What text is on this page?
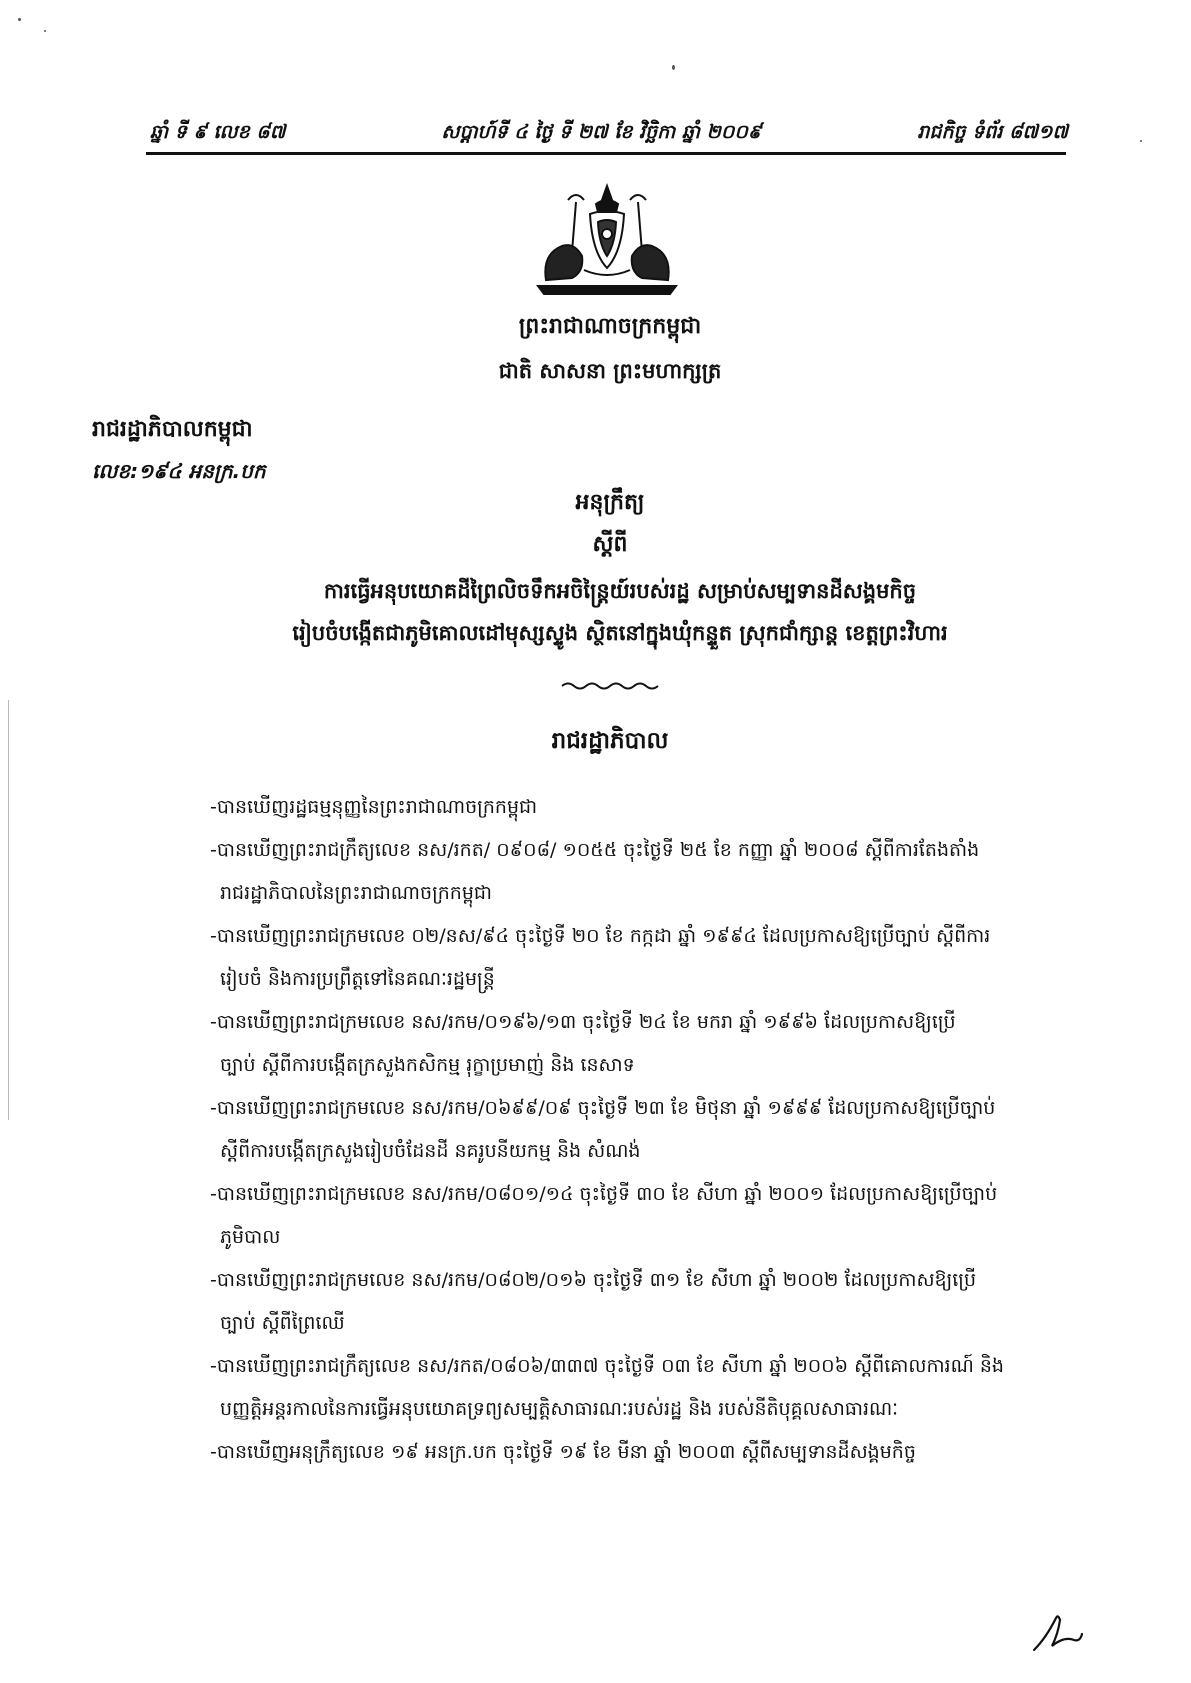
ឆ្នាំ ទី ៩ លេខ ៨៧	សប្តាហ៍ទី ៤ ថ្ងៃ ទី ២៧ ខែ វិច្ឆិកា ឆ្នាំ ២០០៩	រាជកិច្ច ទំព័រ ៨៧១៧
ព្រះរាជាណាចក្រកម្ពុជា
ជាតិ សាសនា ព្រះមហាក្សត្រ
រាជរដ្ឋាភិបាលកម្ពុជា
លេខ:១៩៤ អនក្រ.បក
អនុក្រឹត្យ
ស្តីពី
ការធ្វើអនុបយោគដីព្រៃលិចទឹកអចិន្ត្រៃយ៍របស់រដ្ឋ សម្រាប់សម្បទានដីសង្គមកិច្ច
រៀបចំបង្កើតជាភូមិគោលដៅមុស្សស្ទូង ស្ថិតនៅក្នុងឃុំកន្ទួត ស្រុកជាំក្សាន្ត ខេត្តព្រះវិហារ
រាជរដ្ឋាភិបាល
-បានឃើញរដ្ឋធម្មនុញ្ញនៃព្រះរាជាណាចក្រកម្ពុជា
-បានឃើញព្រះរាជក្រឹត្យលេខ នស/រកត/ ០៩០៨/ ១០៥៥ ចុះថ្ងៃទី ២៥ ខែ កញ្ញា ឆ្នាំ ២០០៨ ស្តីពីការតែងតាំង
រាជរដ្ឋាភិបាលនៃព្រះរាជាណាចក្រកម្ពុជា
-បានឃើញព្រះរាជក្រមលេខ ០២/នស/៩៤ ចុះថ្ងៃទី ២០ ខែ កក្កដា ឆ្នាំ ១៩៩៤ ដែលប្រកាសឱ្យប្រើច្បាប់ ស្តីពីការ
រៀបចំ និងការប្រព្រឹត្តទៅនៃគណៈរដ្ឋមន្ត្រី
-បានឃើញព្រះរាជក្រមលេខ នស/រកម/០១៩៦/១៣ ចុះថ្ងៃទី ២៤ ខែ មករា ឆ្នាំ ១៩៩៦ ដែលប្រកាសឱ្យប្រើ
ច្បាប់ ស្តីពីការបង្កើតក្រសួងកសិកម្ម រុក្ខាប្រមាញ់ និង នេសាទ
-បានឃើញព្រះរាជក្រមលេខ នស/រកម/០៦៩៩/០៩ ចុះថ្ងៃទី ២៣ ខែ មិថុនា ឆ្នាំ ១៩៩៩ ដែលប្រកាសឱ្យប្រើច្បាប់
ស្តីពីការបង្កើតក្រសួងរៀបចំដែនដី នគរូបនីយកម្ម និង សំណង់
-បានឃើញព្រះរាជក្រមលេខ នស/រកម/០៨០១/១៤ ចុះថ្ងៃទី ៣០ ខែ សីហា ឆ្នាំ ២០០១ ដែលប្រកាសឱ្យប្រើច្បាប់
ភូមិបាល
-បានឃើញព្រះរាជក្រមលេខ នស/រកម/០៨០២/០១៦ ចុះថ្ងៃទី ៣១ ខែ សីហា ឆ្នាំ ២០០២ ដែលប្រកាសឱ្យប្រើ
ច្បាប់ ស្តីពីព្រៃឈើ
-បានឃើញព្រះរាជក្រឹត្យលេខ នស/រកត/០៨០៦/៣៣៧ ចុះថ្ងៃទី ០៣ ខែ សីហា ឆ្នាំ ២០០៦ ស្តីពីគោលការណ៍ និង
បញ្ញត្តិអន្តរកាលនៃការធ្វើអនុបយោគទ្រព្យសម្បត្តិសាធារណៈរបស់រដ្ឋ និង របស់នីតិបុគ្គលសាធារណៈ
-បានឃើញអនុក្រឹត្យលេខ ១៩ អនក្រ.បក ចុះថ្ងៃទី ១៩ ខែ មីនា ឆ្នាំ ២០០៣ ស្តីពីសម្បទានដីសង្គមកិច្ច
